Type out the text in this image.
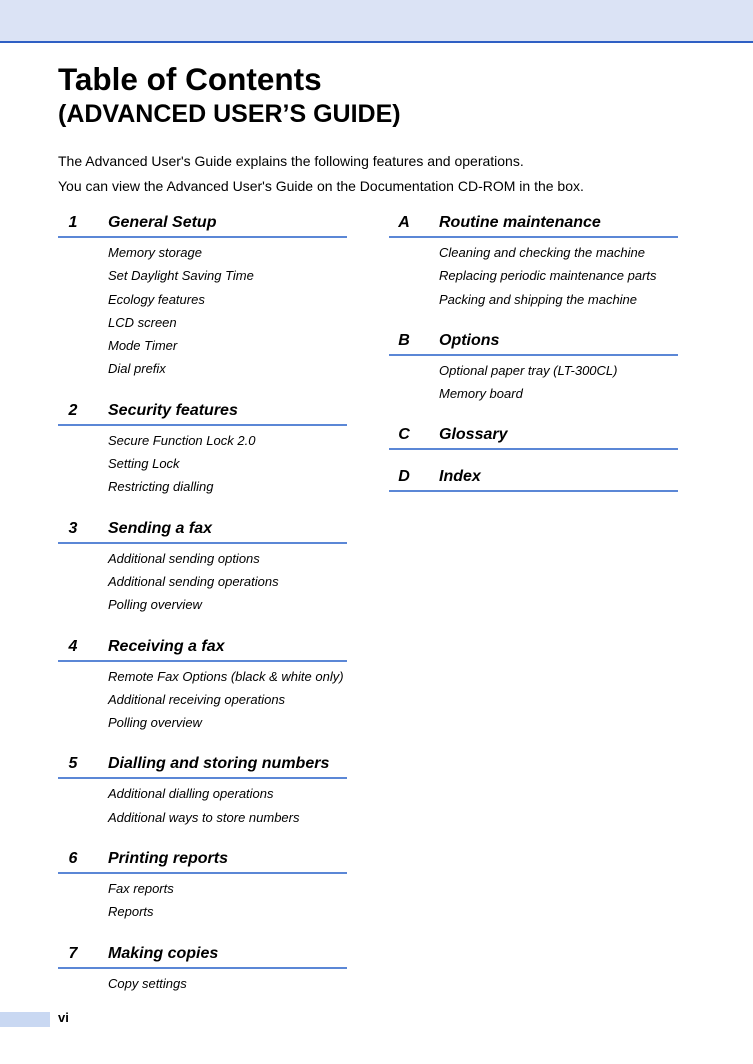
Table of Contents
(ADVANCED USER’S GUIDE)
The Advanced User's Guide explains the following features and operations.
You can view the Advanced User's Guide on the Documentation CD-ROM in the box.
1	General Setup
Memory storage
Set Daylight Saving Time
Ecology features
LCD screen
Mode Timer
Dial prefix
2	Security features
Secure Function Lock 2.0
Setting Lock
Restricting dialling
3	Sending a fax
Additional sending options
Additional sending operations
Polling overview
4	Receiving a fax
Remote Fax Options (black & white only)
Additional receiving operations
Polling overview
5	Dialling and storing numbers
Additional dialling operations
Additional ways to store numbers
6	Printing reports
Fax reports
Reports
7	Making copies
Copy settings
A	Routine maintenance
Cleaning and checking the machine
Replacing periodic maintenance parts
Packing and shipping the machine
B	Options
Optional paper tray (LT-300CL)
Memory board
C	Glossary
D	Index
vi
